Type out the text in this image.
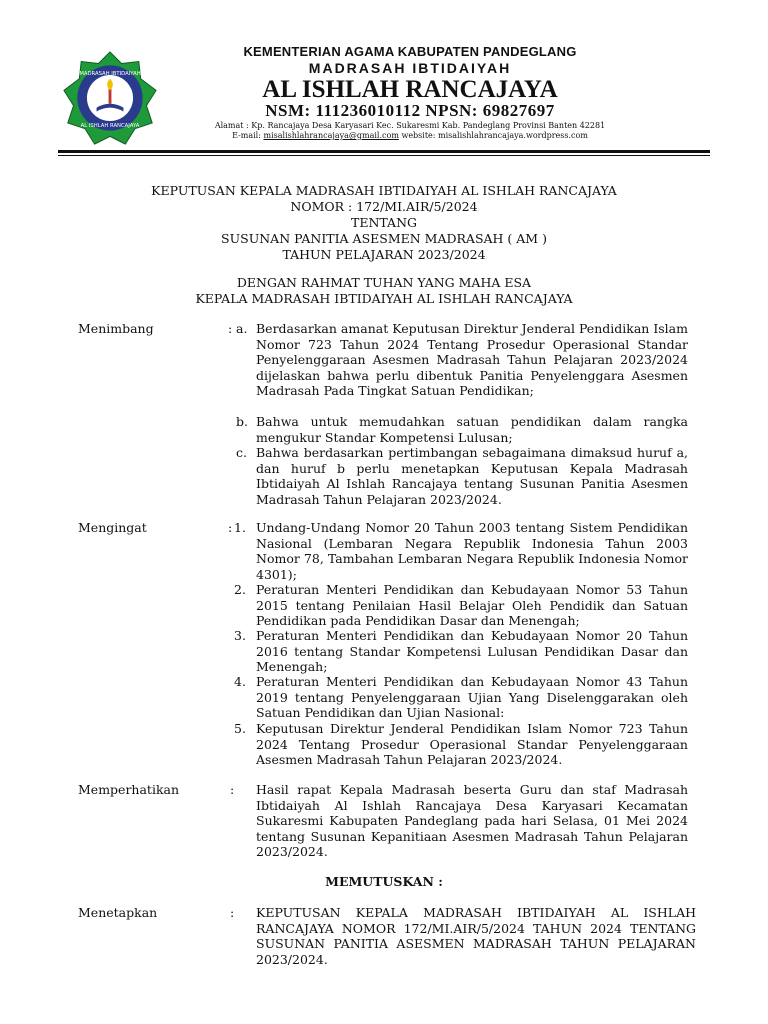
MADRASAH IBTIDAIYAH
AL ISHLAH RANCAJAYA
KEMENTERIAN AGAMA KABUPATEN PANDEGLANG
MADRASAH IBTIDAIYAH
AL ISHLAH RANCAJAYA
NSM: 111236010112 NPSN: 69827697
Alamat : Kp. Rancajaya Desa Karyasari Kec. Sukaresmi Kab. Pandeglang Provinsi Banten 42281
E-mail: misalishlahrancajaya@gmail.com website: misalishlahrancajaya.wordpress.com
KEPUTUSAN KEPALA MADRASAH IBTIDAIYAH AL ISHLAH RANCAJAYA
NOMOR : 172/MI.AIR/5/2024
TENTANG
SUSUNAN PANITIA ASESMEN MADRASAH ( AM )
TAHUN PELAJARAN 2023/2024
DENGAN RAHMAT TUHAN YANG MAHA ESA
KEPALA MADRASAH IBTIDAIYAH AL ISHLAH RANCAJAYA
Menimbang	: a. Berdasarkan amanat Keputusan Direktur Jenderal Pendidikan Islam Nomor 723 Tahun 2024 Tentang Prosedur Operasional Standar Penyelenggaraan Asesmen Madrasah Tahun Pelajaran 2023/2024 dijelaskan bahwa perlu dibentuk Panitia Penyelenggara Asesmen Madrasah Pada Tingkat Satuan Pendidikan;
b. Bahwa untuk memudahkan satuan pendidikan dalam rangka mengukur Standar Kompetensi Lulusan;
c. Bahwa berdasarkan pertimbangan sebagaimana dimaksud huruf a, dan huruf b perlu menetapkan Keputusan Kepala Madrasah Ibtidaiyah Al Ishlah Rancajaya tentang Susunan Panitia Asesmen Madrasah Tahun Pelajaran 2023/2024.
Mengingat	: 1. Undang-Undang Nomor 20 Tahun 2003 tentang Sistem Pendidikan Nasional (Lembaran Negara Republik Indonesia Tahun 2003 Nomor 78, Tambahan Lembaran Negara Republik Indonesia Nomor 4301);
2. Peraturan Menteri Pendidikan dan Kebudayaan Nomor 53 Tahun 2015 tentang Penilaian Hasil Belajar Oleh Pendidik dan Satuan Pendidikan pada Pendidikan Dasar dan Menengah;
3. Peraturan Menteri Pendidikan dan Kebudayaan Nomor 20 Tahun 2016 tentang Standar Kompetensi Lulusan Pendidikan Dasar dan Menengah;
4. Peraturan Menteri Pendidikan dan Kebudayaan Nomor 43 Tahun 2019 tentang Penyelenggaraan Ujian Yang Diselenggarakan oleh Satuan Pendidikan dan Ujian Nasional:
5. Keputusan Direktur Jenderal Pendidikan Islam Nomor 723 Tahun 2024 Tentang Prosedur Operasional Standar Penyelenggaraan Asesmen Madrasah Tahun Pelajaran 2023/2024.
Memperhatikan	: Hasil rapat Kepala Madrasah beserta Guru dan staf Madrasah Ibtidaiyah Al Ishlah Rancajaya Desa Karyasari Kecamatan Sukaresmi Kabupaten Pandeglang pada hari Selasa, 01 Mei 2024 tentang Susunan Kepanitiaan Asesmen Madrasah Tahun Pelajaran 2023/2024.
MEMUTUSKAN :
Menetapkan	: KEPUTUSAN KEPALA MADRASAH IBTIDAIYAH AL ISHLAH RANCAJAYA NOMOR 172/MI.AIR/5/2024 TAHUN 2024 TENTANG SUSUNAN PANITIA ASESMEN MADRASAH TAHUN PELAJARAN 2023/2024.
